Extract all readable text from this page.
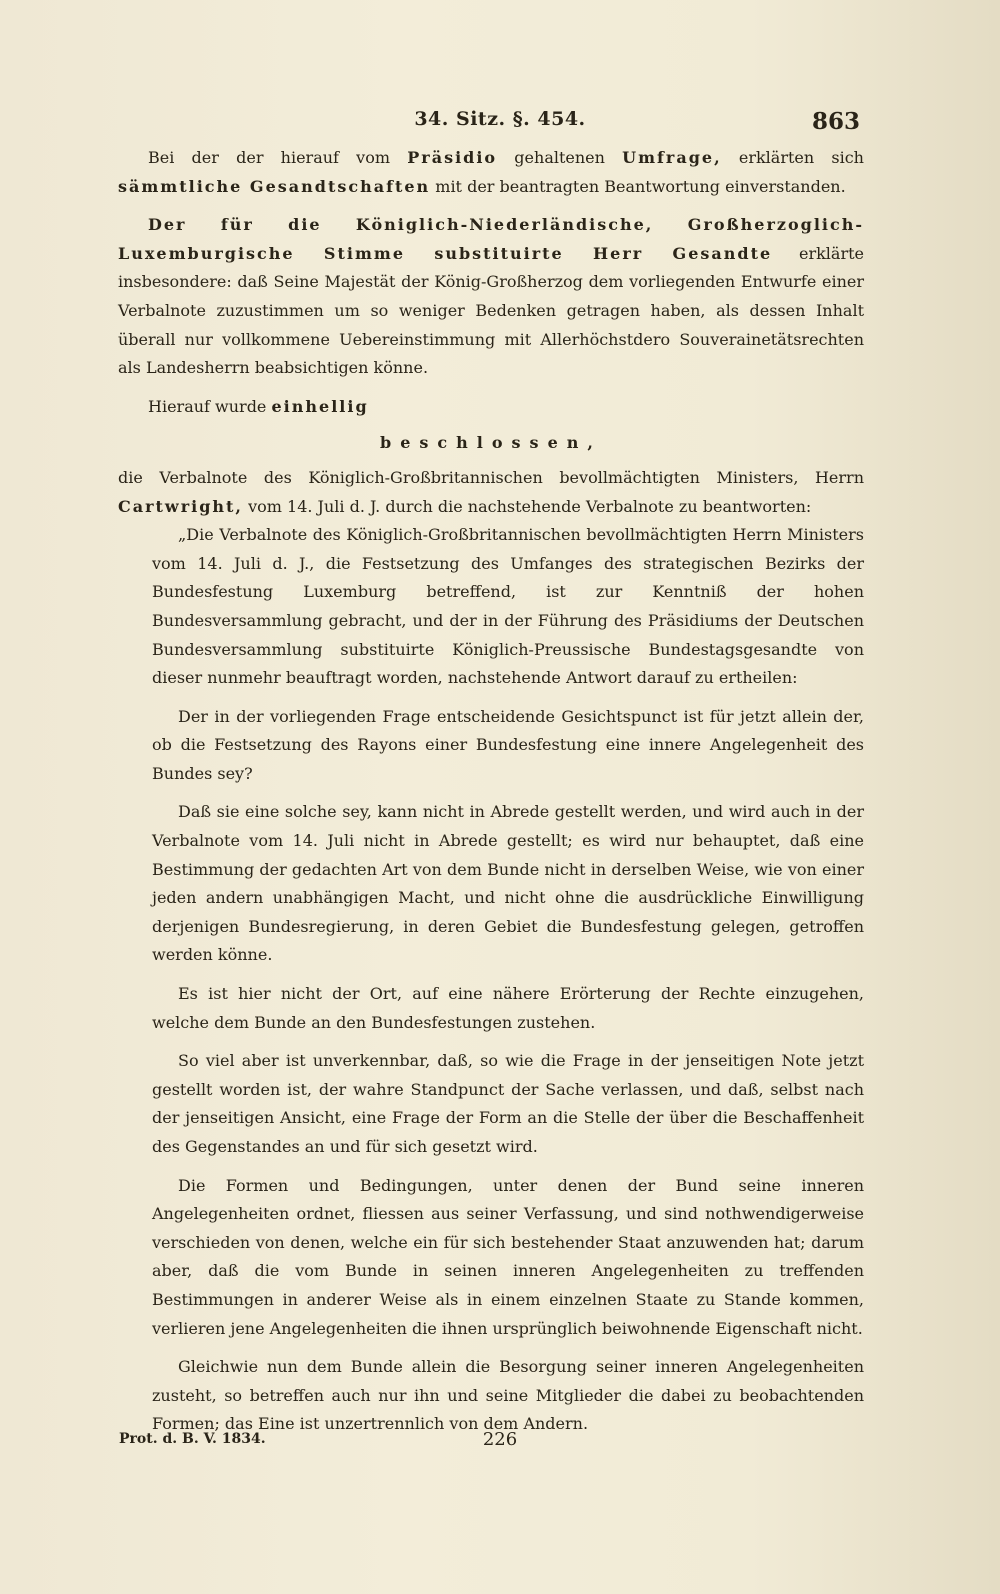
34. Sitz. §. 454.	863

Bei der der hierauf vom Präsidio gehaltenen Umfrage, erklärten sich sämmtliche Gesandtschaften mit der beantragten Beantwortung einverstanden.

Der für die Königlich-Niederländische, Großherzoglich-Luxemburgische Stimme substituirte Herr Gesandte erklärte insbesondere: daß Seine Majestät der König-Großherzog dem vorliegenden Entwurfe einer Verbalnote zuzustimmen um so weniger Bedenken getragen haben, als dessen Inhalt überall nur vollkommene Uebereinstimmung mit Allerhöchstdero Souverainetätsrechten als Landesherrn beabsichtigen könne.

Hierauf wurde einhellig

beschlossen,

die Verbalnote des Königlich-Großbritannischen bevollmächtigten Ministers, Herrn Cartwright, vom 14. Juli d. J. durch die nachstehende Verbalnote zu beantworten:

„Die Verbalnote des Königlich-Großbritannischen bevollmächtigten Herrn Ministers vom 14. Juli d. J., die Festsetzung des Umfanges des strategischen Bezirks der Bundesfestung Luxemburg betreffend, ist zur Kenntniß der hohen Bundesversammlung gebracht, und der in der Führung des Präsidiums der Deutschen Bundesversammlung substituirte Königlich-Preussische Bundestagsgesandte von dieser nunmehr beauftragt worden, nachstehende Antwort darauf zu ertheilen:

Der in der vorliegenden Frage entscheidende Gesichtspunct ist für jetzt allein der, ob die Festsetzung des Rayons einer Bundesfestung eine innere Angelegenheit des Bundes sey?

Daß sie eine solche sey, kann nicht in Abrede gestellt werden, und wird auch in der Verbalnote vom 14. Juli nicht in Abrede gestellt; es wird nur behauptet, daß eine Bestimmung der gedachten Art von dem Bunde nicht in derselben Weise, wie von einer jeden andern unabhängigen Macht, und nicht ohne die ausdrückliche Einwilligung derjenigen Bundesregierung, in deren Gebiet die Bundesfestung gelegen, getroffen werden könne.

Es ist hier nicht der Ort, auf eine nähere Erörterung der Rechte einzugehen, welche dem Bunde an den Bundesfestungen zustehen.

So viel aber ist unverkennbar, daß, so wie die Frage in der jenseitigen Note jetzt gestellt worden ist, der wahre Standpunct der Sache verlassen, und daß, selbst nach der jenseitigen Ansicht, eine Frage der Form an die Stelle der über die Beschaffenheit des Gegenstandes an und für sich gesetzt wird.

Die Formen und Bedingungen, unter denen der Bund seine inneren Angelegenheiten ordnet, fliessen aus seiner Verfassung, und sind nothwendigerweise verschieden von denen, welche ein für sich bestehender Staat anzuwenden hat; darum aber, daß die vom Bunde in seinen inneren Angelegenheiten zu treffenden Bestimmungen in anderer Weise als in einem einzelnen Staate zu Stande kommen, verlieren jene Angelegenheiten die ihnen ursprünglich beiwohnende Eigenschaft nicht.

Gleichwie nun dem Bunde allein die Besorgung seiner inneren Angelegenheiten zusteht, so betreffen auch nur ihn und seine Mitglieder die dabei zu beobachtenden Formen; das Eine ist unzertrennlich von dem Andern.

Prot. d. B. V. 1834.	226
